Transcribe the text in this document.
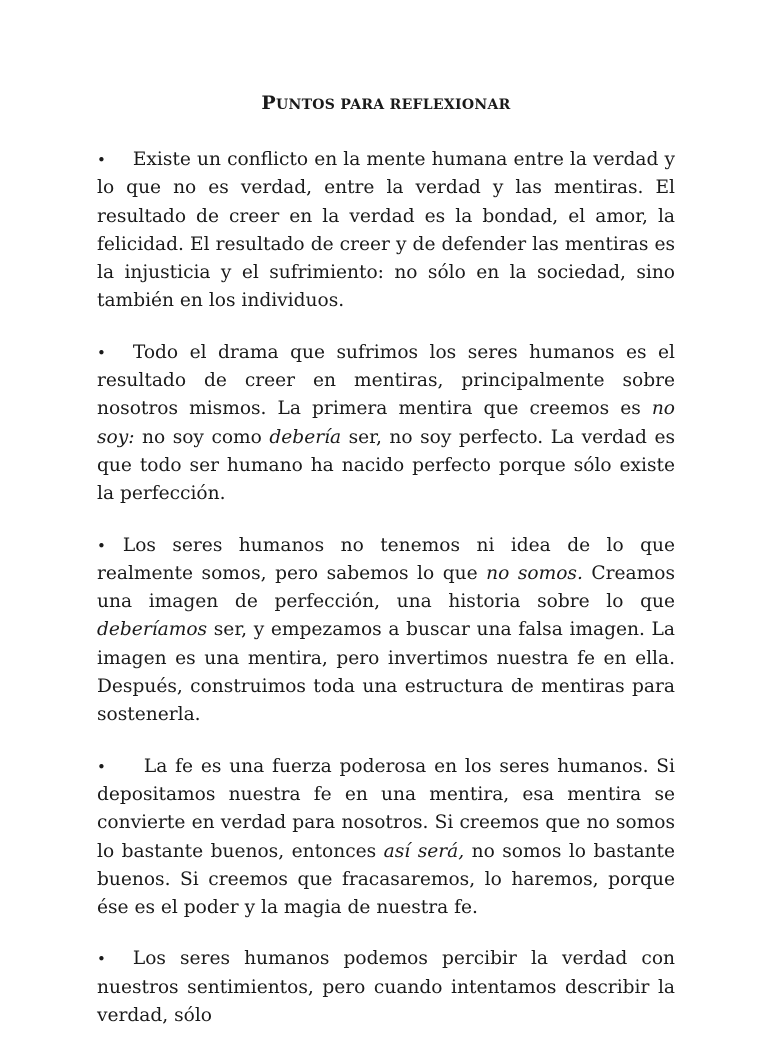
PUNTOS PARA REFLEXIONAR

• Existe un conflicto en la mente humana entre la verdad y lo que no es verdad, entre la verdad y las mentiras. El resultado de creer en la verdad es la bondad, el amor, la felicidad. El resultado de creer y de defender las mentiras es la injusticia y el sufrimiento: no sólo en la sociedad, sino también en los individuos.

• Todo el drama que sufrimos los seres humanos es el resultado de creer en mentiras, principalmente sobre nosotros mismos. La primera mentira que creemos es no soy: no soy como debería ser, no soy perfecto. La verdad es que todo ser humano ha nacido perfecto porque sólo existe la perfección.

• Los seres humanos no tenemos ni idea de lo que realmente somos, pero sabemos lo que no somos. Creamos una imagen de perfección, una historia sobre lo que deberíamos ser, y empezamos a buscar una falsa imagen. La imagen es una mentira, pero invertimos nuestra fe en ella. Después, construimos toda una estructura de mentiras para sostenerla.

• La fe es una fuerza poderosa en los seres humanos. Si depositamos nuestra fe en una mentira, esa mentira se convierte en verdad para nosotros. Si creemos que no somos lo bastante buenos, entonces así será, no somos lo bastante buenos. Si creemos que fracasaremos, lo haremos, porque ése es el poder y la magia de nuestra fe.

• Los seres humanos podemos percibir la verdad con nuestros sentimientos, pero cuando intentamos describir la verdad, sólo
